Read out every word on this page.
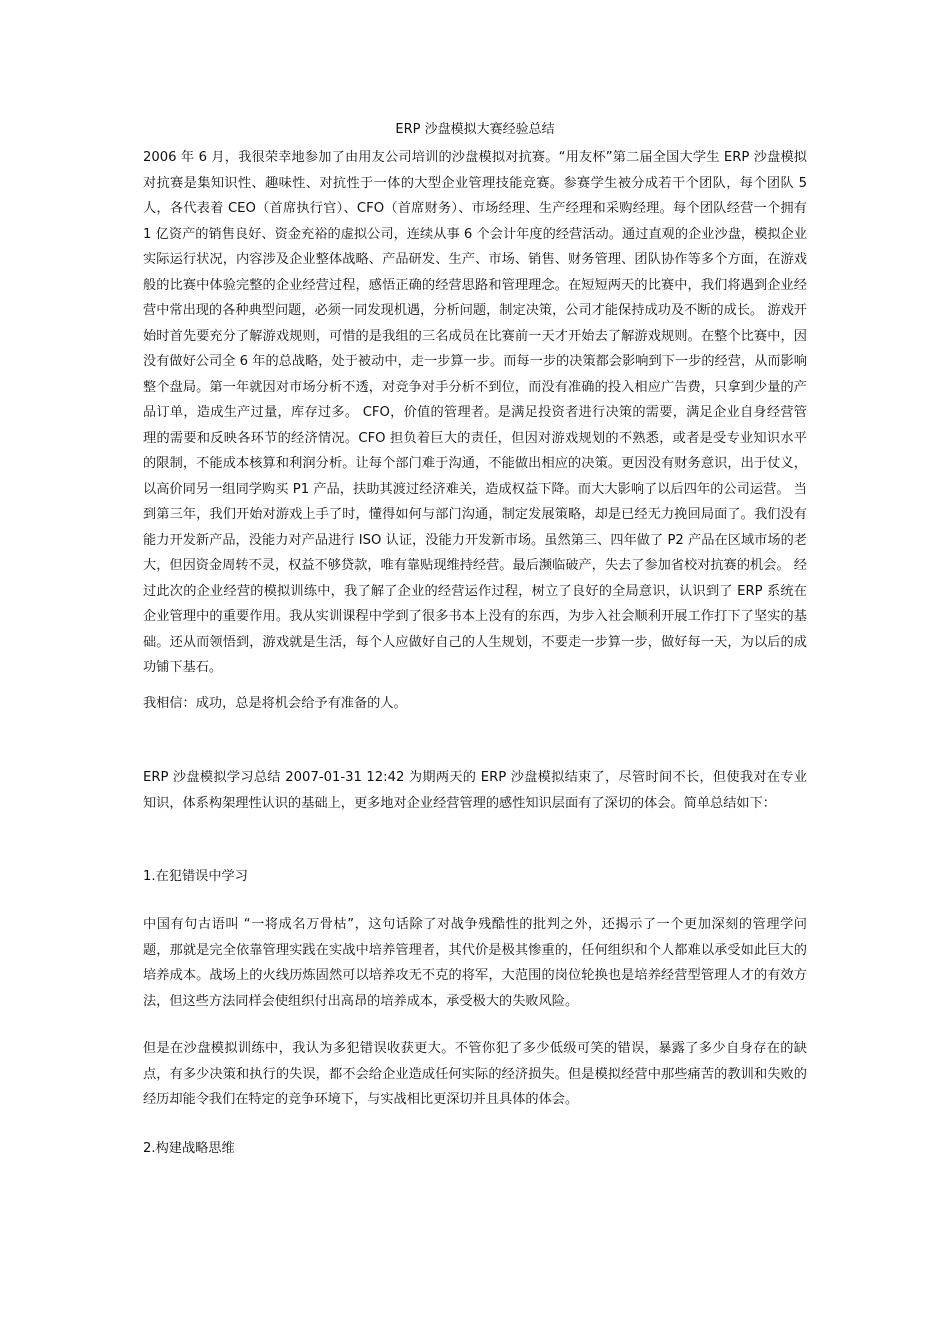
ERP 沙盘模拟大赛经验总结

2006 年 6 月，我很荣幸地参加了由用友公司培训的沙盘模拟对抗赛。“用友杯”第二届全国大学生 ERP 沙盘模拟对抗赛是集知识性、趣味性、对抗性于一体的大型企业管理技能竞赛。参赛学生被分成若干个团队，每个团队 5 人，各代表着 CEO（首席执行官）、CFO（首席财务）、市场经理、生产经理和采购经理。每个团队经营一个拥有 1 亿资产的销售良好、资金充裕的虚拟公司，连续从事 6 个会计年度的经营活动。通过直观的企业沙盘，模拟企业实际运行状况，内容涉及企业整体战略、产品研发、生产、市场、销售、财务管理、团队协作等多个方面，在游戏般的比赛中体验完整的企业经营过程，感悟正确的经营思路和管理理念。在短短两天的比赛中，我们将遇到企业经营中常出现的各种典型问题，必须一同发现机遇，分析问题，制定决策，公司才能保持成功及不断的成长。 游戏开始时首先要充分了解游戏规则，可惜的是我组的三名成员在比赛前一天才开始去了解游戏规则。在整个比赛中，因没有做好公司全 6 年的总战略，处于被动中，走一步算一步。而每一步的决策都会影响到下一步的经营，从而影响整个盘局。第一年就因对市场分析不透，对竞争对手分析不到位，而没有准确的投入相应广告费，只拿到少量的产品订单，造成生产过量，库存过多。 CFO，价值的管理者。是满足投资者进行决策的需要，满足企业自身经营管理的需要和反映各环节的经济情况。CFO 担负着巨大的责任，但因对游戏规划的不熟悉，或者是受专业知识水平的限制，不能成本核算和利润分析。让每个部门难于沟通，不能做出相应的决策。更因没有财务意识，出于仗义，以高价同另一组同学购买 P1 产品，扶助其渡过经济难关，造成权益下降。而大大影响了以后四年的公司运营。 当到第三年，我们开始对游戏上手了时，懂得如何与部门沟通，制定发展策略，却是已经无力挽回局面了。我们没有能力开发新产品，没能力对产品进行 ISO 认证，没能力开发新市场。虽然第三、四年做了 P2 产品在区域市场的老大，但因资金周转不灵，权益不够贷款，唯有靠贴现维持经营。最后濒临破产，失去了参加省校对抗赛的机会。 经过此次的企业经营的模拟训练中，我了解了企业的经营运作过程，树立了良好的全局意识，认识到了 ERP 系统在企业管理中的重要作用。我从实训课程中学到了很多书本上没有的东西，为步入社会顺利开展工作打下了坚实的基础。还从而领悟到，游戏就是生活，每个人应做好自己的人生规划，不要走一步算一步，做好每一天，为以后的成功铺下基石。

我相信：成功，总是将机会给予有准备的人。

ERP 沙盘模拟学习总结 2007-01-31 12:42 为期两天的 ERP 沙盘模拟结束了，尽管时间不长，但使我对在专业知识，体系构架理性认识的基础上，更多地对企业经营管理的感性知识层面有了深切的体会。简单总结如下：

1.在犯错误中学习

中国有句古语叫 “一将成名万骨枯”，这句话除了对战争残酷性的批判之外，还揭示了一个更加深刻的管理学问题，那就是完全依靠管理实践在实战中培养管理者，其代价是极其惨重的，任何组织和个人都难以承受如此巨大的培养成本。战场上的火线历炼固然可以培养攻无不克的将军，大范围的岗位轮换也是培养经营型管理人才的有效方法，但这些方法同样会使组织付出高昂的培养成本，承受极大的失败风险。

但是在沙盘模拟训练中，我认为多犯错误收获更大。不管你犯了多少低级可笑的错误，暴露了多少自身存在的缺点，有多少决策和执行的失误，都不会给企业造成任何实际的经济损失。但是模拟经营中那些痛苦的教训和失败的经历却能令我们在特定的竞争环境下，与实战相比更深切并且具体的体会。

2.构建战略思维
